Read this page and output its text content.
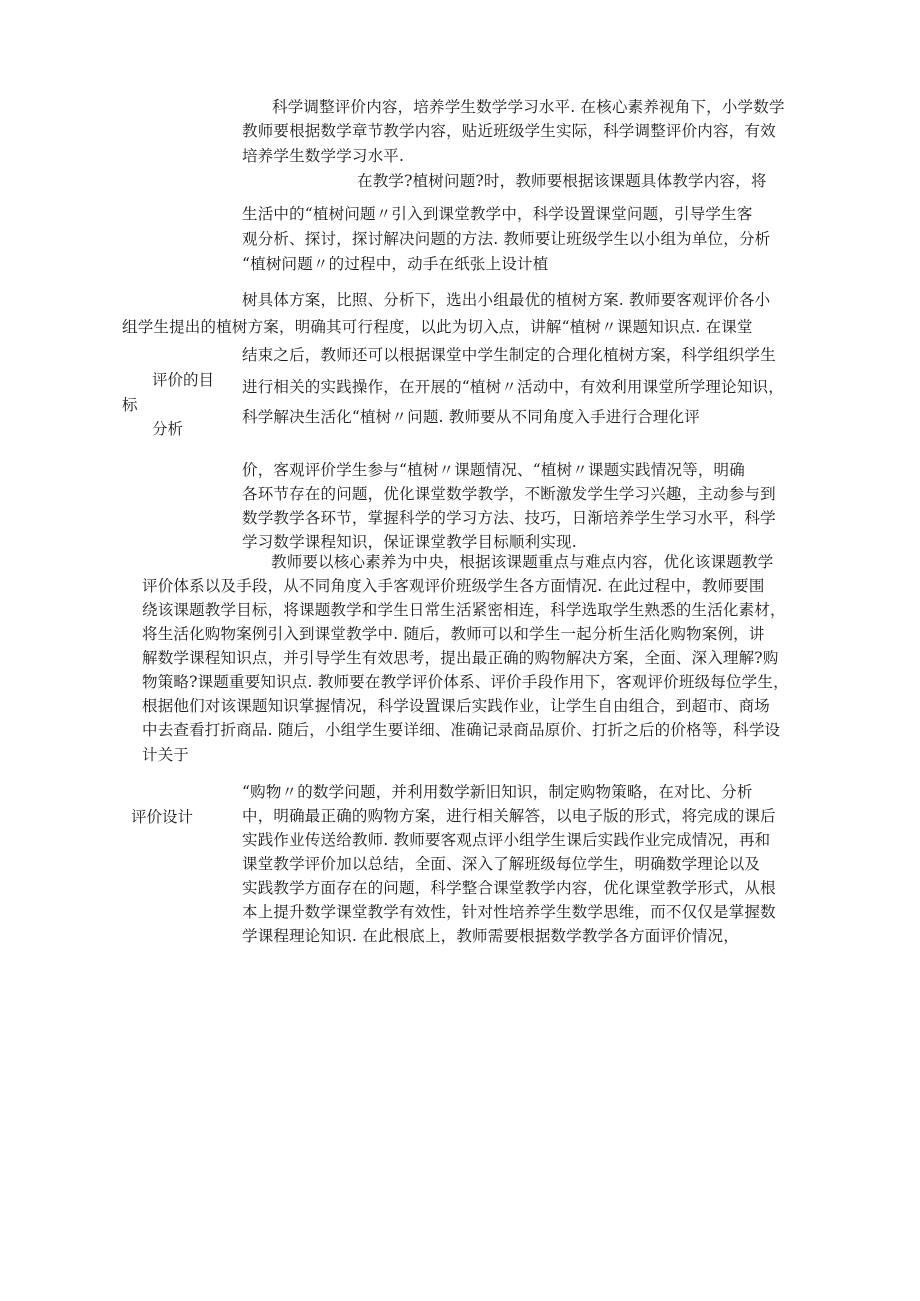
科学调整评价内容，培养学生数学学习水平. 在核心素养视角下，小学数学
教师要根据数学章节教学内容，贴近班级学生实际，科学调整评价内容，有效
培养学生数学学习水平.
在教学?植树问题?时，教师要根据该课题具体教学内容，将
生活中的“植树问题〃引入到课堂教学中，科学设置课堂问题，引导学生客
观分析、探讨，探讨解决问题的方法. 教师要让班级学生以小组为单位，分析
“植树问题〃的过程中，动手在纸张上设计植
树具体方案，比照、分析下，选出小组最优的植树方案. 教师要客观评价各小
组学生提出的植树方案，明确其可行程度，以此为切入点，讲解“植树〃课题知识点. 在课堂
结束之后，教师还可以根据课堂中学生制定的合理化植树方案，科学组织学生
进行相关的实践操作，在开展的“植树〃活动中，有效利用课堂所学理论知识，
科学解决生活化“植树〃问题. 教师要从不同角度入手进行合理化评
评价的目
标
分析
价，客观评价学生参与“植树〃课题情况、“植树〃课题实践情况等，明确
各环节存在的问题，优化课堂数学教学，不断激发学生学习兴趣，主动参与到
数学教学各环节，掌握科学的学习方法、技巧，日渐培养学生学习水平，科学
学习数学课程知识，保证课堂教学目标顺利实现.
教师要以核心素养为中央，根据该课题重点与难点内容，优化该课题教学
评价体系以及手段，从不同角度入手客观评价班级学生各方面情况. 在此过程中，教师要围
绕该课题教学目标，将课题教学和学生日常生活紧密相连，科学选取学生熟悉的生活化素材，
将生活化购物案例引入到课堂教学中. 随后，教师可以和学生一起分析生活化购物案例，讲
解数学课程知识点，并引导学生有效思考，提出最正确的购物解决方案，全面、深入理解?购
物策略?课题重要知识点. 教师要在教学评价体系、评价手段作用下，客观评价班级每位学生，
根据他们对该课题知识掌握情况，科学设置课后实践作业，让学生自由组合，到超市、商场
中去查看打折商品. 随后，小组学生要详细、准确记录商品原价、打折之后的价格等，科学设
计关于
评价设计
“购物〃的数学问题，并利用数学新旧知识，制定购物策略，在对比、分析
中，明确最正确的购物方案，进行相关解答，以电子版的形式，将完成的课后
实践作业传送给教师. 教师要客观点评小组学生课后实践作业完成情况，再和
课堂教学评价加以总结，全面、深入了解班级每位学生，明确数学理论以及
实践教学方面存在的问题，科学整合课堂教学内容，优化课堂教学形式，从根
本上提升数学课堂教学有效性，针对性培养学生数学思维，而不仅仅是掌握数
学课程理论知识. 在此根底上，教师需要根据数学教学各方面评价情况，
